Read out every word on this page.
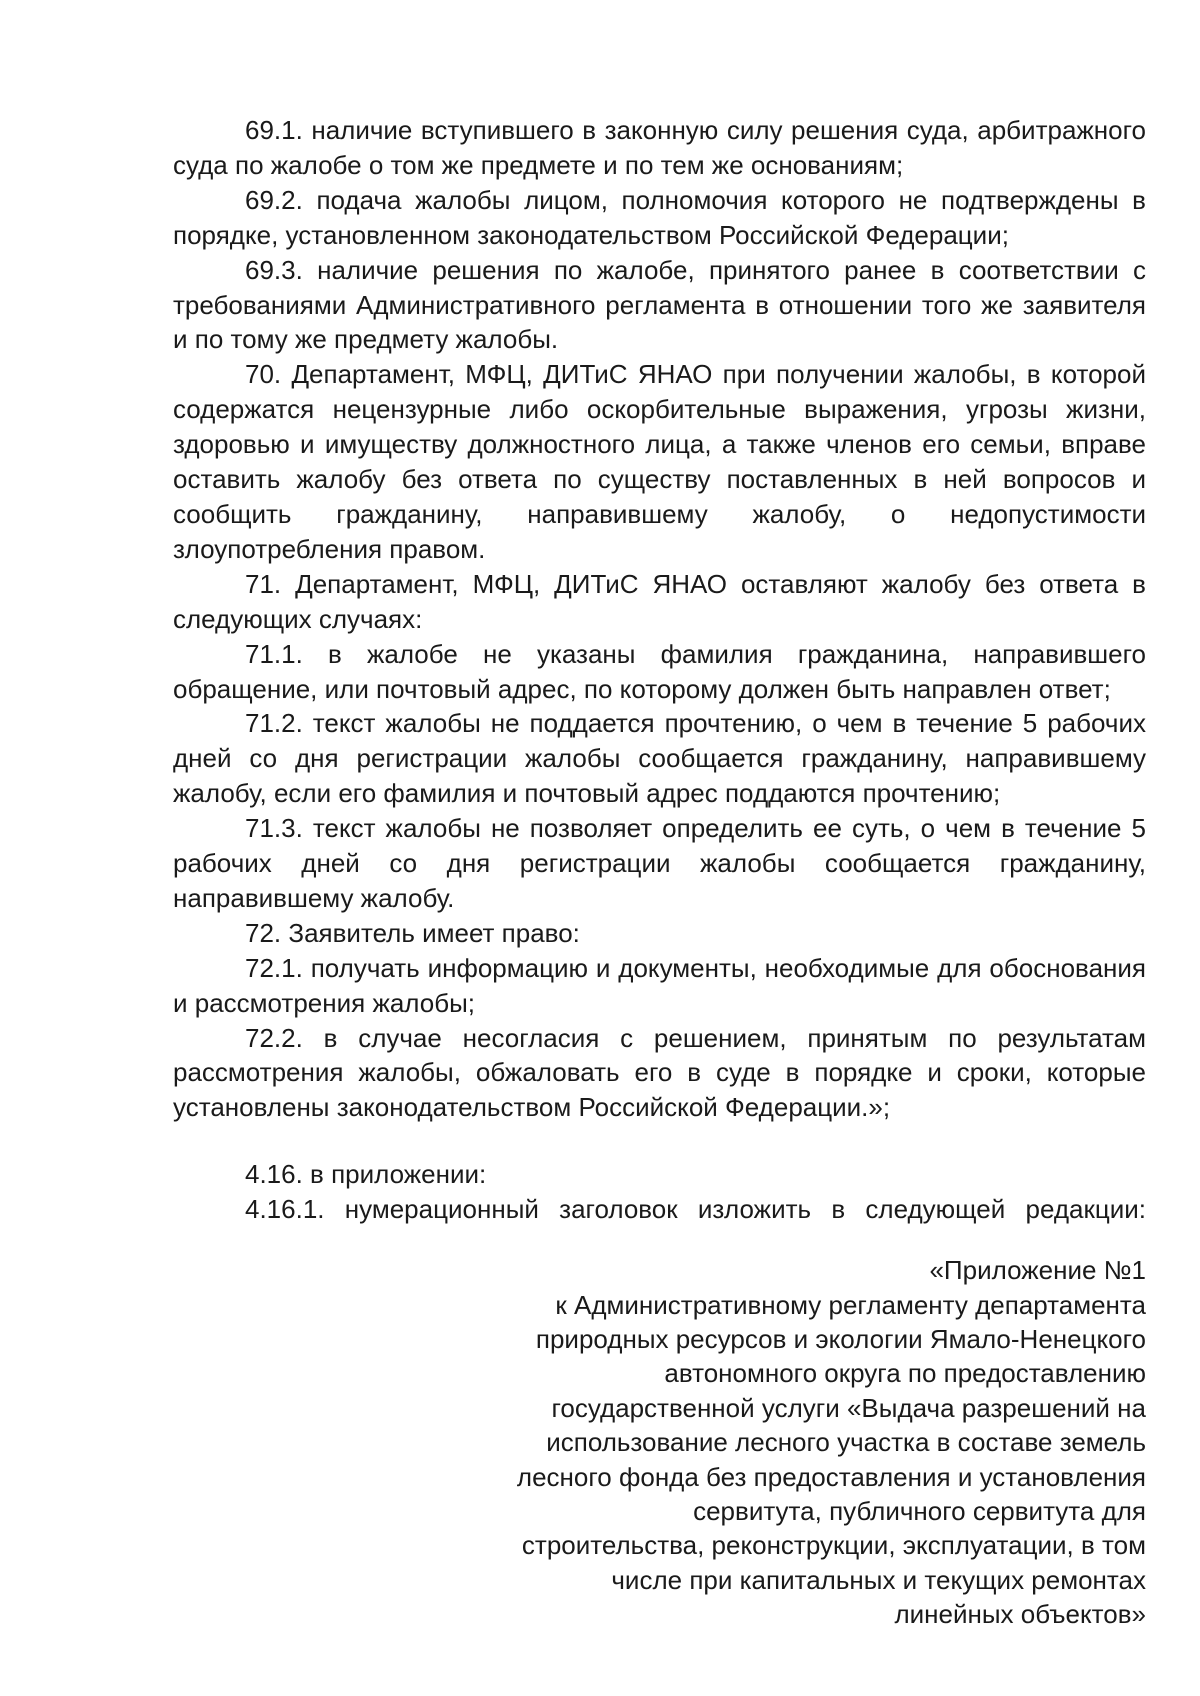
69.1. наличие вступившего в законную силу решения суда, арбитражного суда по жалобе о том же предмете и по тем же основаниям;

69.2. подача жалобы лицом, полномочия которого не подтверждены в порядке, установленном законодательством Российской Федерации;

69.3. наличие решения по жалобе, принятого ранее в соответствии с требованиями Административного регламента в отношении того же заявителя и по тому же предмету жалобы.

70. Департамент, МФЦ, ДИТиС ЯНАО при получении жалобы, в которой содержатся нецензурные либо оскорбительные выражения, угрозы жизни, здоровью и имуществу должностного лица, а также членов его семьи, вправе оставить жалобу без ответа по существу поставленных в ней вопросов и сообщить гражданину, направившему жалобу, о недопустимости злоупотребления правом.

71. Департамент, МФЦ, ДИТиС ЯНАО оставляют жалобу без ответа в следующих случаях:

71.1. в жалобе не указаны фамилия гражданина, направившего обращение, или почтовый адрес, по которому должен быть направлен ответ;

71.2. текст жалобы не поддается прочтению, о чем в течение 5 рабочих дней со дня регистрации жалобы сообщается гражданину, направившему жалобу, если его фамилия и почтовый адрес поддаются прочтению;

71.3. текст жалобы не позволяет определить ее суть, о чем в течение 5 рабочих дней со дня регистрации жалобы сообщается гражданину, направившему жалобу.

72. Заявитель имеет право:

72.1. получать информацию и документы, необходимые для обоснования и рассмотрения жалобы;

72.2. в случае несогласия с решением, принятым по результатам рассмотрения жалобы, обжаловать его в суде в порядке и сроки, которые установлены законодательством Российской Федерации.»;

4.16. в приложении:

4.16.1. нумерационный заголовок изложить в следующей редакции:

«Приложение №1
к Административному регламенту департамента
природных ресурсов и экологии Ямало-Ненецкого
автономного округа по предоставлению
государственной услуги «Выдача разрешений на
использование лесного участка в составе земель
лесного фонда без предоставления и установления
сервитута, публичного сервитута для
строительства, реконструкции, эксплуатации, в том
числе при капитальных и текущих ремонтах
линейных объектов»
